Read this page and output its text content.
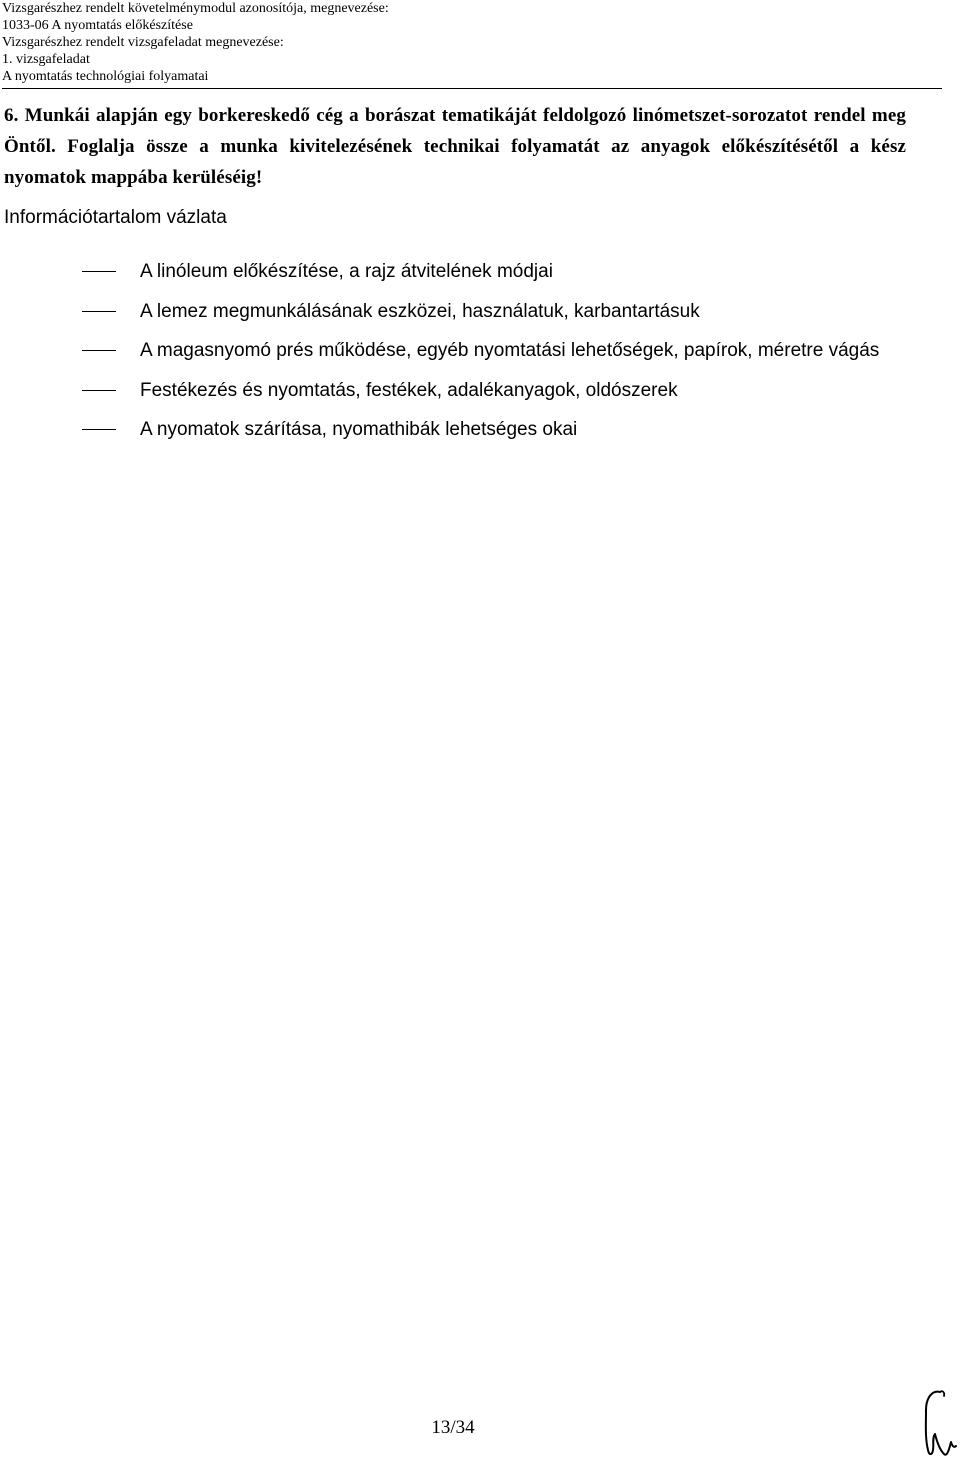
Vizsgarészhez rendelt követelménymodul azonosítója, megnevezése:
1033-06 A nyomtatás előkészítése
Vizsgarészhez rendelt vizsgafeladat megnevezése:
1. vizsgafeladat
A nyomtatás technológiai folyamatai
6. Munkái alapján egy borkereskedő cég a borászat tematikáját feldolgozó linómetszet-sorozatot rendel meg Öntől. Foglalja össze a munka kivitelezésének technikai folyamatát az anyagok előkészítésétől a kész nyomatok mappába kerüléséig!
Információtartalom vázlata
A linóleum előkészítése, a rajz átvitelének módjai
A lemez megmunkálásának eszközei, használatuk, karbantartásuk
A magasnyomó prés működése, egyéb nyomtatási lehetőségek, papírok, méretre vágás
Festékezés és nyomtatás, festékek, adalékanyagok, oldószerek
A nyomatok szárítása, nyomathibák lehetséges okai
13/34
